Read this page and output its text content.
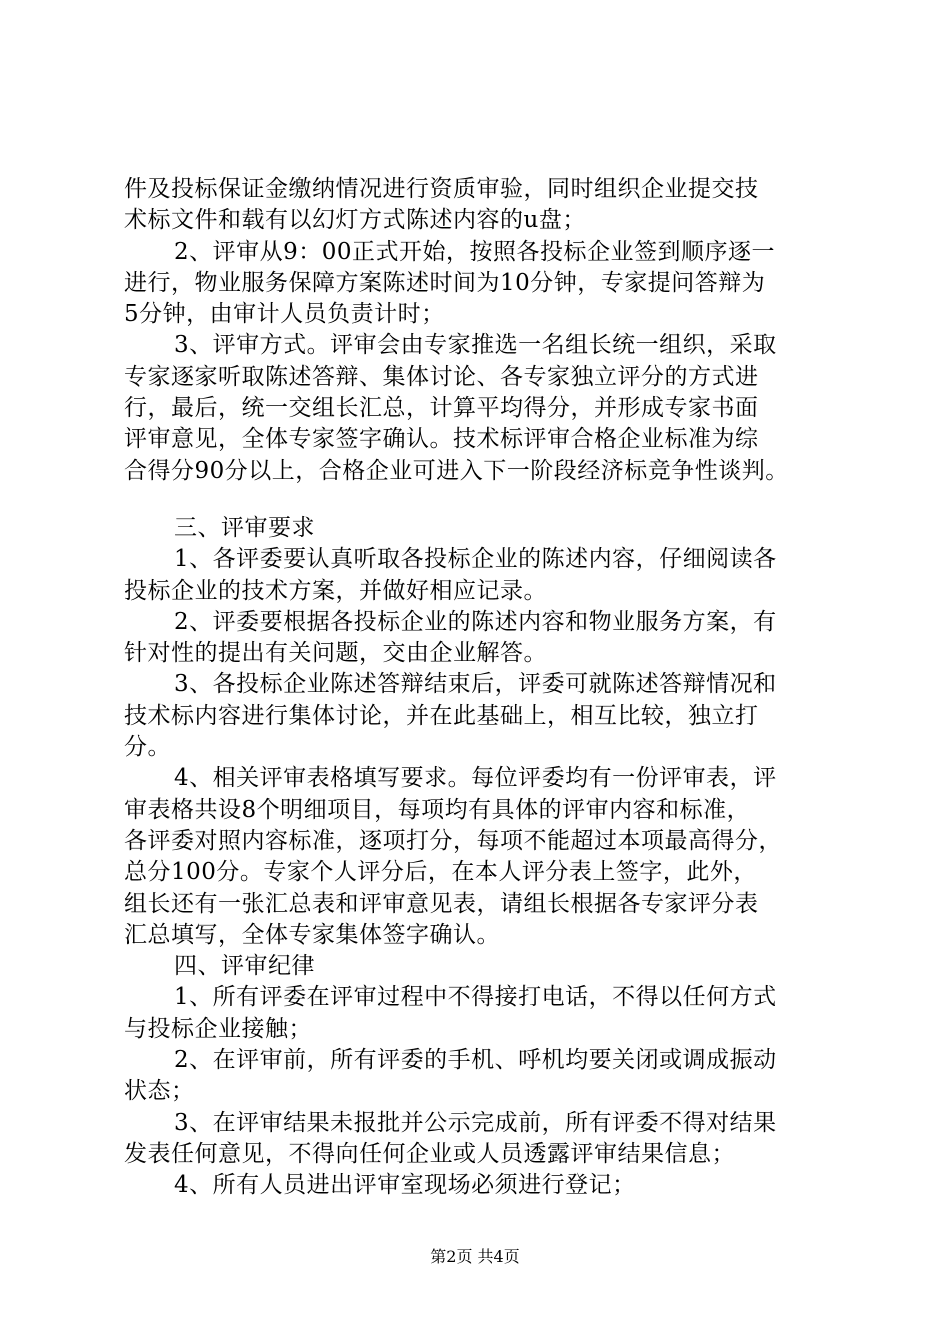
件及投标保证金缴纳情况进行资质审验，同时组织企业提交技
术标文件和载有以幻灯方式陈述内容的u盘；
2、评审从9：00正式开始，按照各投标企业签到顺序逐一
进行，物业服务保障方案陈述时间为10分钟，专家提问答辩为
5分钟，由审计人员负责计时；
3、评审方式。评审会由专家推选一名组长统一组织，采取
专家逐家听取陈述答辩、集体讨论、各专家独立评分的方式进
行，最后，统一交组长汇总，计算平均得分，并形成专家书面
评审意见，全体专家签字确认。技术标评审合格企业标准为综
合得分90分以上，合格企业可进入下一阶段经济标竞争性谈判。
三、评审要求
1、各评委要认真听取各投标企业的陈述内容，仔细阅读各
投标企业的技术方案，并做好相应记录。
2、评委要根据各投标企业的陈述内容和物业服务方案，有
针对性的提出有关问题，交由企业解答。
3、各投标企业陈述答辩结束后，评委可就陈述答辩情况和
技术标内容进行集体讨论，并在此基础上，相互比较，独立打
分。
4、相关评审表格填写要求。每位评委均有一份评审表，评
审表格共设8个明细项目，每项均有具体的评审内容和标准，
各评委对照内容标准，逐项打分，每项不能超过本项最高得分，
总分100分。专家个人评分后，在本人评分表上签字，此外，
组长还有一张汇总表和评审意见表，请组长根据各专家评分表
汇总填写，全体专家集体签字确认。
四、评审纪律
1、所有评委在评审过程中不得接打电话，不得以任何方式
与投标企业接触；
2、在评审前，所有评委的手机、呼机均要关闭或调成振动
状态；
3、在评审结果未报批并公示完成前，所有评委不得对结果
发表任何意见，不得向任何企业或人员透露评审结果信息；
4、所有人员进出评审室现场必须进行登记；
第2页 共4页
